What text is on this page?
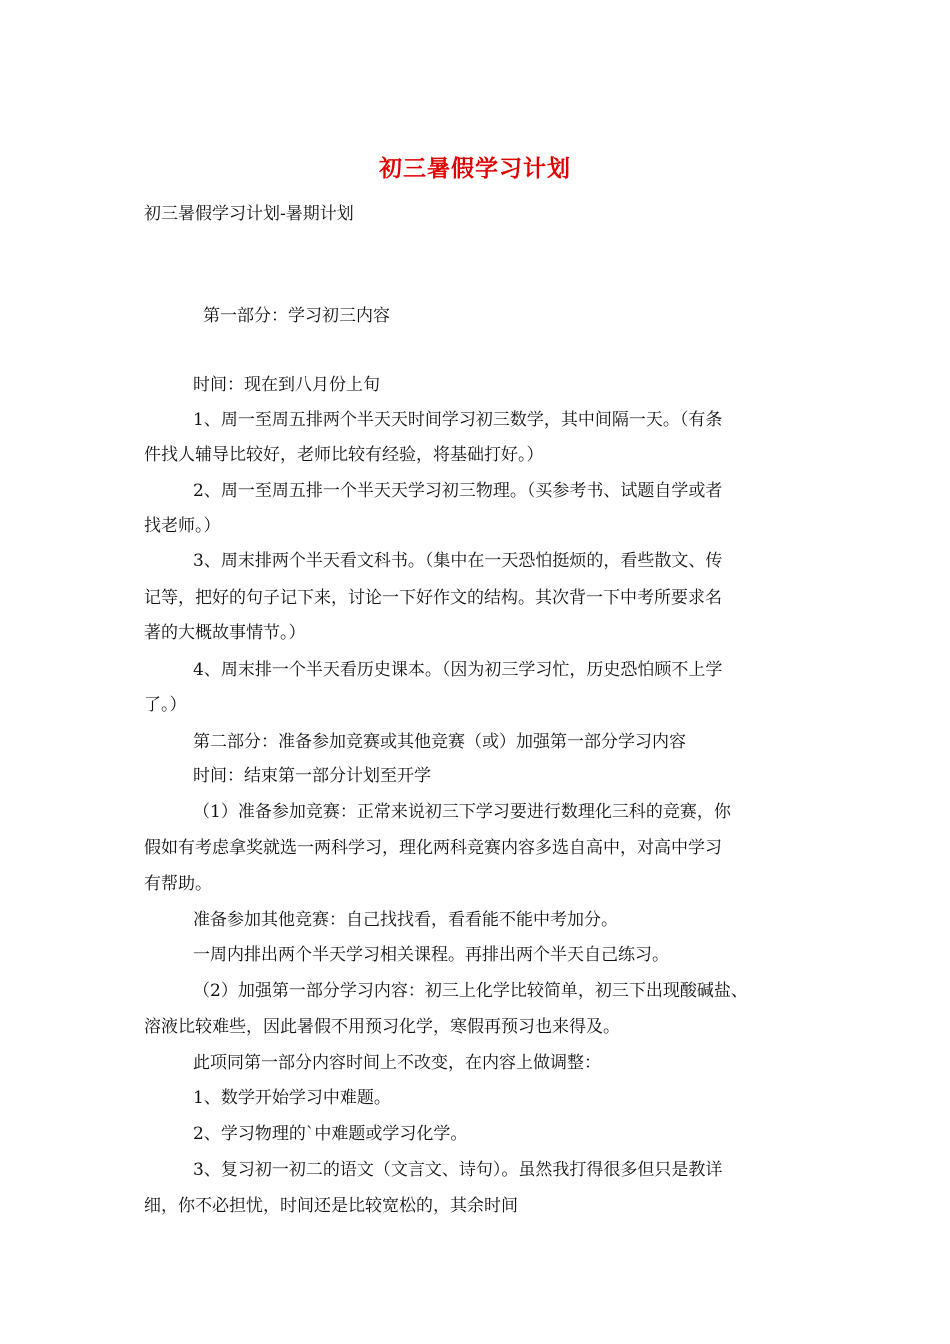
初三暑假学习计划
初三暑假学习计划-暑期计划
第一部分：学习初三内容
时间：现在到八月份上旬
1、周一至周五排两个半天天时间学习初三数学，其中间隔一天。（有条
件找人辅导比较好，老师比较有经验，将基础打好。）
2、周一至周五排一个半天天学习初三物理。（买参考书、试题自学或者
找老师。）
3、周末排两个半天看文科书。（集中在一天恐怕挺烦的，看些散文、传
记等，把好的句子记下来，讨论一下好作文的结构。其次背一下中考所要求名
著的大概故事情节。）
4、周末排一个半天看历史课本。（因为初三学习忙，历史恐怕顾不上学
了。）
第二部分：准备参加竞赛或其他竞赛（或）加强第一部分学习内容
时间：结束第一部分计划至开学
（1）准备参加竞赛：正常来说初三下学习要进行数理化三科的竞赛，你
假如有考虑拿奖就选一两科学习，理化两科竞赛内容多选自高中，对高中学习
有帮助。
准备参加其他竞赛：自己找找看，看看能不能中考加分。
一周内排出两个半天学习相关课程。再排出两个半天自己练习。
（2）加强第一部分学习内容：初三上化学比较简单，初三下出现酸碱盐、
溶液比较难些，因此暑假不用预习化学，寒假再预习也来得及。
此项同第一部分内容时间上不改变，在内容上做调整：
1、数学开始学习中难题。
2、学习物理的`中难题或学习化学。
3、复习初一初二的语文（文言文、诗句）。虽然我打得很多但只是教详
细，你不必担忧，时间还是比较宽松的，其余时间
